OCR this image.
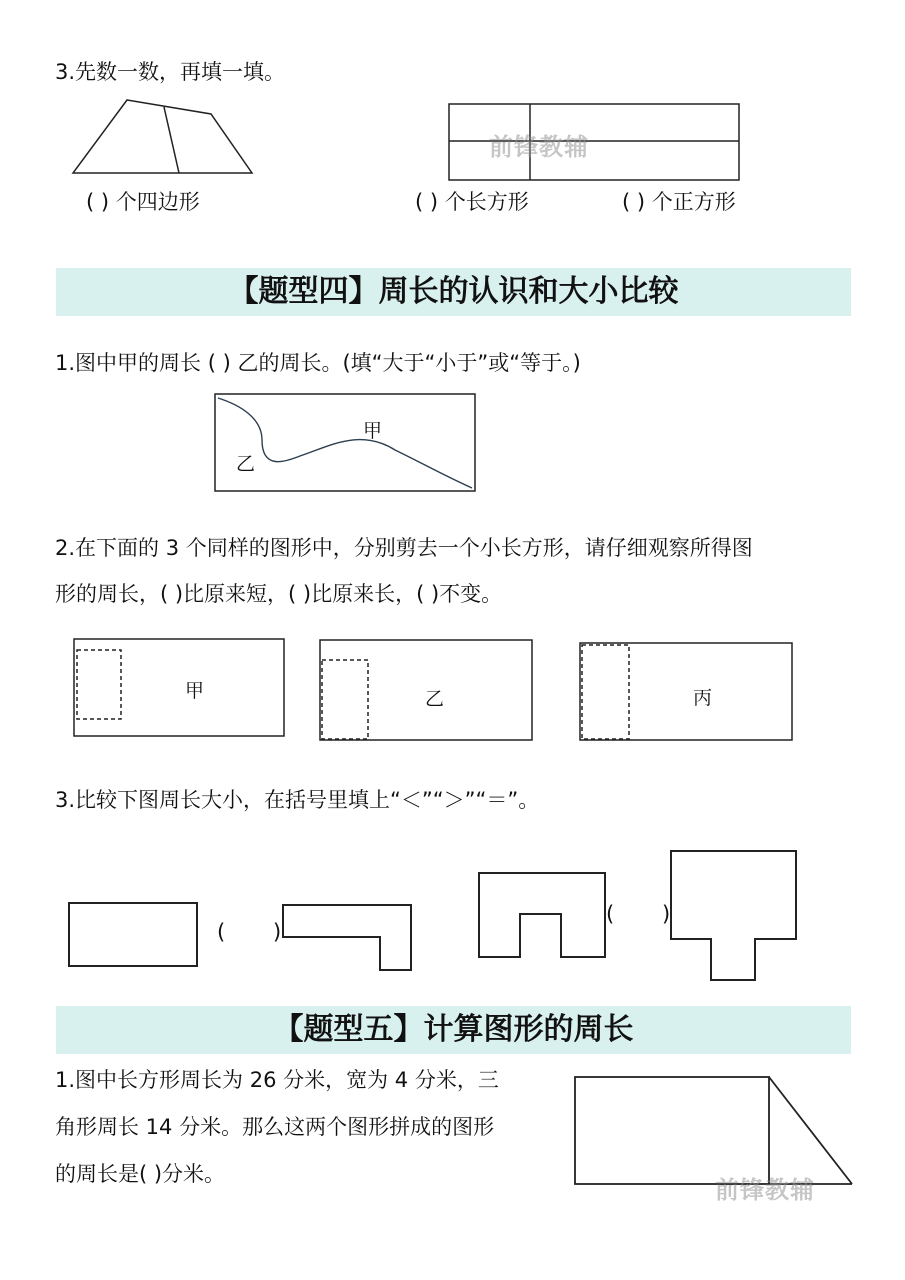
3.先数一数，再填一填。
( ) 个四边形	( ) 个长方形	( ) 个正方形
前锋教辅
【题型四】周长的认识和大小比较
1.图中甲的周长 ( ) 乙的周长。(填“大于“小于”或“等于。)
甲
乙
2.在下面的 3 个同样的图形中，分别剪去一个小长方形，请仔细观察所得图
形的周长，( )比原来短，( )比原来长，( )不变。
甲	乙	丙
3.比较下图周长大小，在括号里填上“＜”“＞”“＝”。
( )
( )
【题型五】计算图形的周长
1.图中长方形周长为 26 分米，宽为 4 分米，三
角形周长 14 分米。那么这两个图形拼成的图形
的周长是( )分米。
前锋教辅
